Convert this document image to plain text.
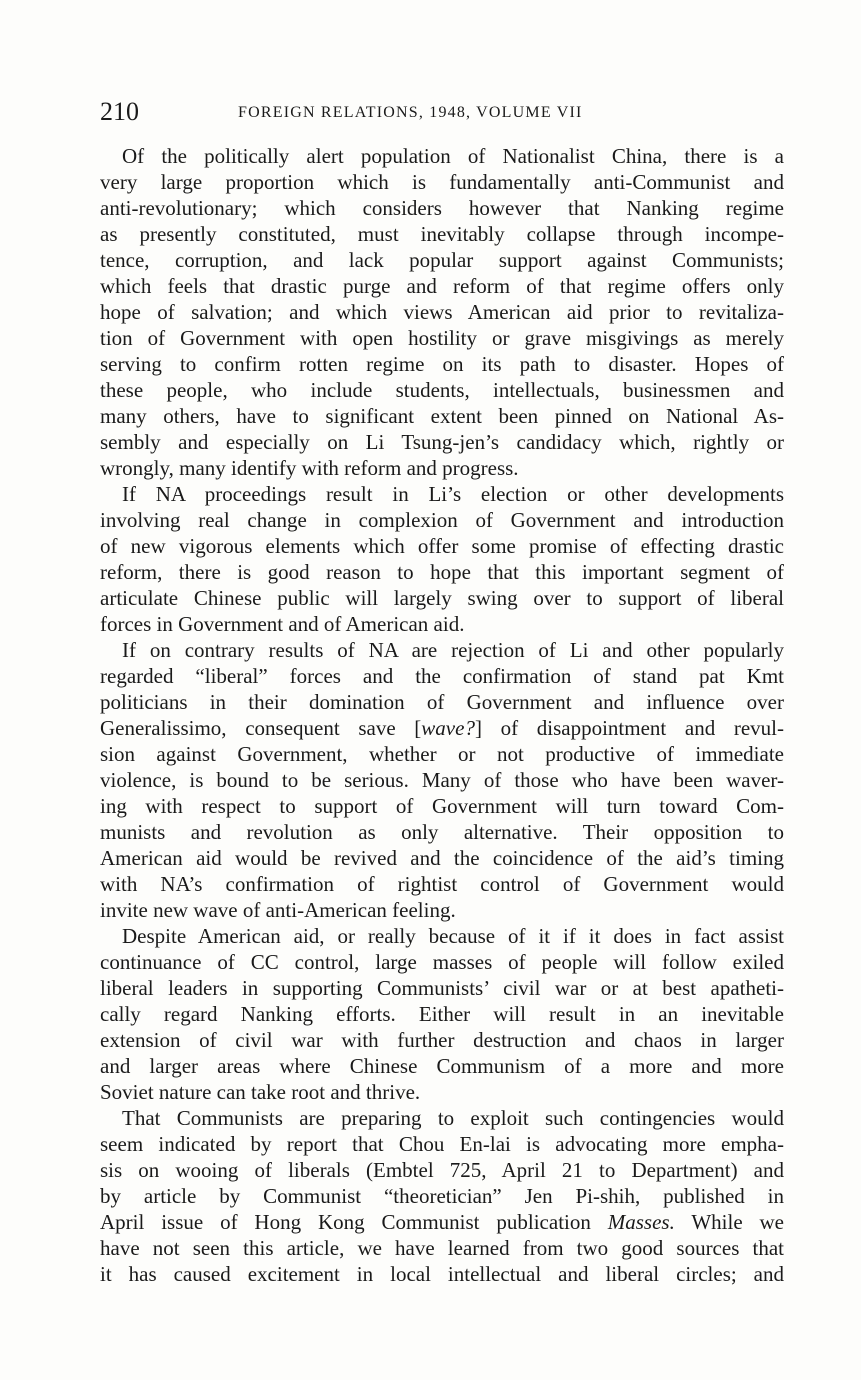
210	FOREIGN RELATIONS, 1948, VOLUME VII
Of the politically alert population of Nationalist China, there is a
very large proportion which is fundamentally anti-Communist and
anti-revolutionary; which considers however that Nanking regime
as presently constituted, must inevitably collapse through incompe-
tence, corruption, and lack popular support against Communists;
which feels that drastic purge and reform of that regime offers only
hope of salvation; and which views American aid prior to revitaliza-
tion of Government with open hostility or grave misgivings as merely
serving to confirm rotten regime on its path to disaster. Hopes of
these people, who include students, intellectuals, businessmen and
many others, have to significant extent been pinned on National As-
sembly and especially on Li Tsung-jen’s candidacy which, rightly or
wrongly, many identify with reform and progress.
If NA proceedings result in Li’s election or other developments
involving real change in complexion of Government and introduction
of new vigorous elements which offer some promise of effecting drastic
reform, there is good reason to hope that this important segment of
articulate Chinese public will largely swing over to support of liberal
forces in Government and of American aid.
If on contrary results of NA are rejection of Li and other popularly
regarded “liberal” forces and the confirmation of stand pat Kmt
politicians in their domination of Government and influence over
Generalissimo, consequent save [wave?] of disappointment and revul-
sion against Government, whether or not productive of immediate
violence, is bound to be serious. Many of those who have been waver-
ing with respect to support of Government will turn toward Com-
munists and revolution as only alternative. Their opposition to
American aid would be revived and the coincidence of the aid’s timing
with NA’s confirmation of rightist control of Government would
invite new wave of anti-American feeling.
Despite American aid, or really because of it if it does in fact assist
continuance of CC control, large masses of people will follow exiled
liberal leaders in supporting Communists’ civil war or at best apatheti-
cally regard Nanking efforts. Either will result in an inevitable
extension of civil war with further destruction and chaos in larger
and larger areas where Chinese Communism of a more and more
Soviet nature can take root and thrive.
That Communists are preparing to exploit such contingencies would
seem indicated by report that Chou En-lai is advocating more empha-
sis on wooing of liberals (Embtel 725, April 21 to Department) and
by article by Communist “theoretician” Jen Pi-shih, published in
April issue of Hong Kong Communist publication Masses. While we
have not seen this article, we have learned from two good sources that
it has caused excitement in local intellectual and liberal circles; and
